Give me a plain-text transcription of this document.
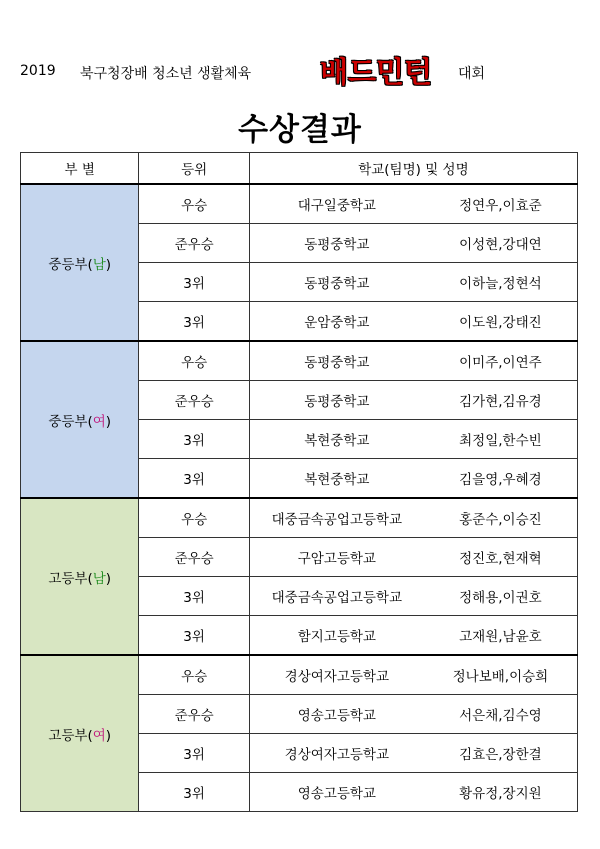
2019 북구청장배 청소년 생활체육 배드민턴 대회
수상결과
부 별	등위	학교(팀명) 및 성명	
중등부(남)	우승	대구일중학교	정연우,이효준
	준우승	동평중학교	이성현,강대연
	3위	동평중학교	이하늘,정현석
	3위	운암중학교	이도원,강태진
중등부(여)	우승	동평중학교	이미주,이연주
	준우승	동평중학교	김가현,김유경
	3위	복현중학교	최정일,한수빈
	3위	복현중학교	김을영,우혜경
고등부(남)	우승	대중금속공업고등학교	홍준수,이승진
	준우승	구암고등학교	정진호,현재혁
	3위	대중금속공업고등학교	정해용,이권호
	3위	함지고등학교	고재원,남윤호
고등부(여)	우승	경상여자고등학교	정나보배,이승희
	준우승	영송고등학교	서은채,김수영
	3위	경상여자고등학교	김효은,장한결
	3위	영송고등학교	황유정,장지원
